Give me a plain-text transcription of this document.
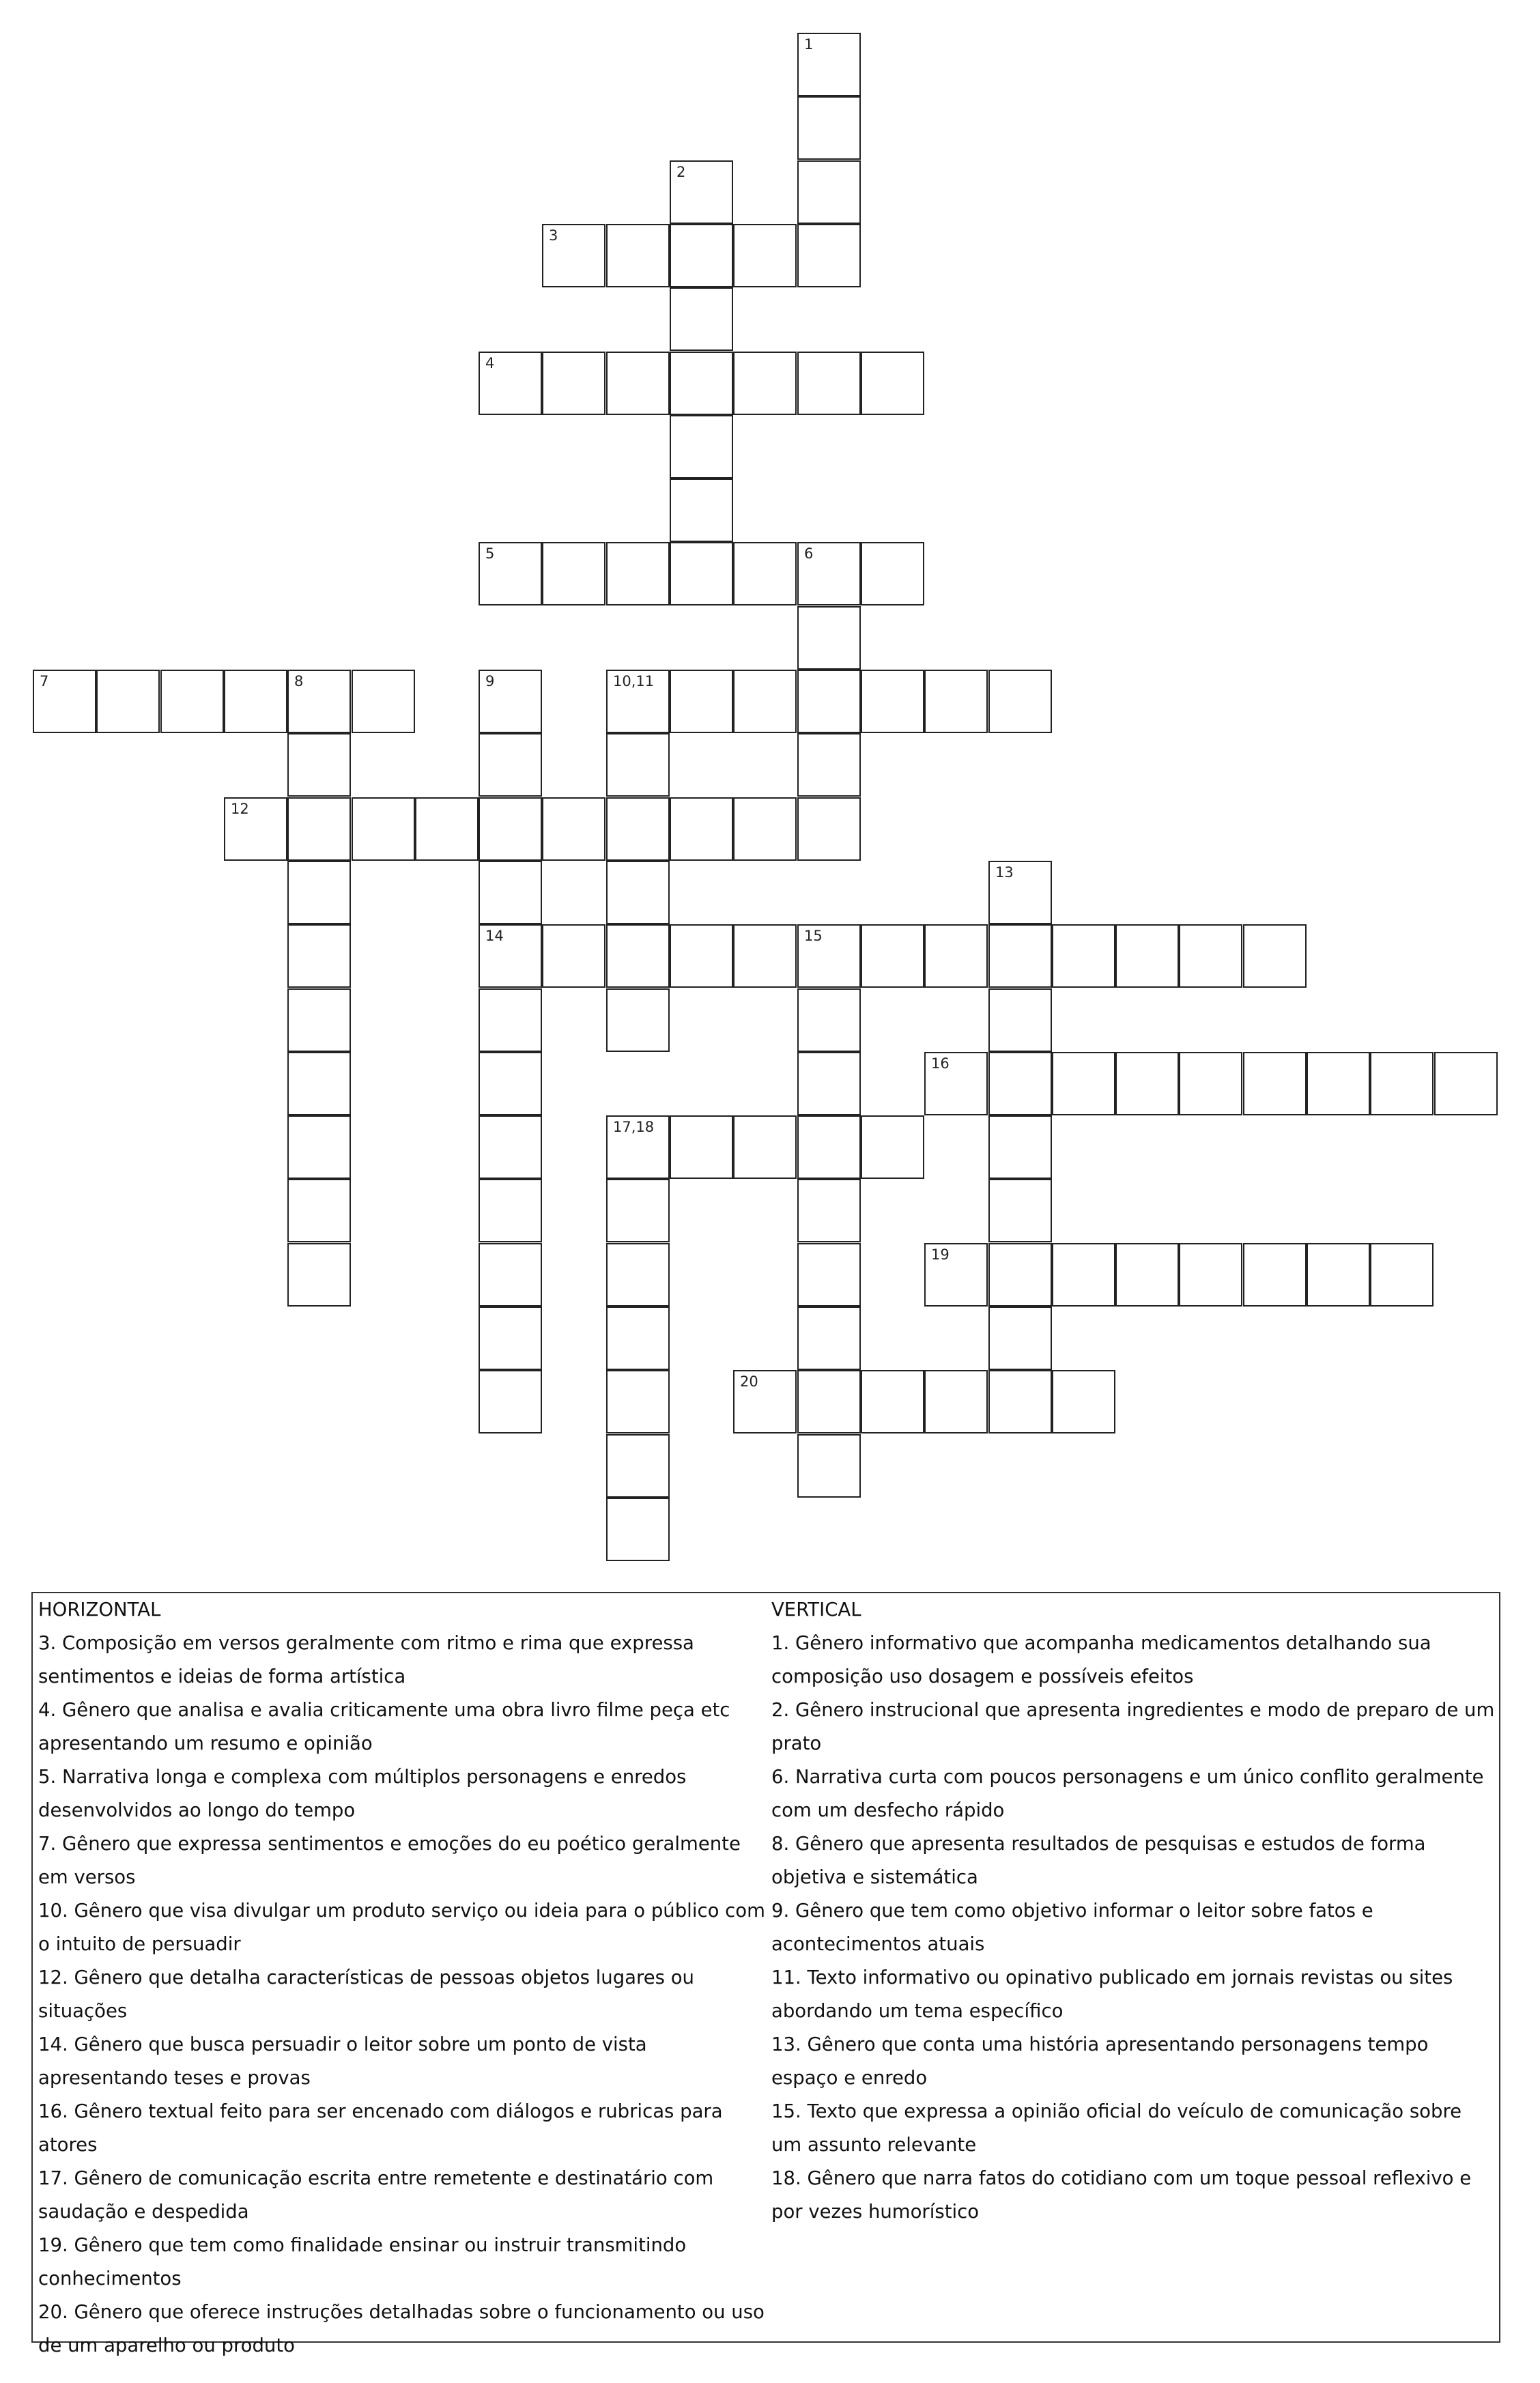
1
2
3
4
5	6
7	8	9	10,11
12
13
14	15
16
17,18
19
20
HORIZONTAL

3. Composição em versos geralmente com ritmo e rima que expressa sentimentos e ideias de forma artística

4. Gênero que analisa e avalia criticamente uma obra livro filme peça etc apresentando um resumo e opinião

5. Narrativa longa e complexa com múltiplos personagens e enredos desenvolvidos ao longo do tempo

7. Gênero que expressa sentimentos e emoções do eu poético geralmente em versos

10. Gênero que visa divulgar um produto serviço ou ideia para o público com o intuito de persuadir

12. Gênero que detalha características de pessoas objetos lugares ou situações

14. Gênero que busca persuadir o leitor sobre um ponto de vista apresentando teses e provas

16. Gênero textual feito para ser encenado com diálogos e rubricas para atores

17. Gênero de comunicação escrita entre remetente e destinatário com saudação e despedida

19. Gênero que tem como finalidade ensinar ou instruir transmitindo conhecimentos

20. Gênero que oferece instruções detalhadas sobre o funcionamento ou uso de um aparelho ou produto

VERTICAL

1. Gênero informativo que acompanha medicamentos detalhando sua composição uso dosagem e possíveis efeitos

2. Gênero instrucional que apresenta ingredientes e modo de preparo de um prato

6. Narrativa curta com poucos personagens e um único conflito geralmente com um desfecho rápido

8. Gênero que apresenta resultados de pesquisas e estudos de forma objetiva e sistemática

9. Gênero que tem como objetivo informar o leitor sobre fatos e acontecimentos atuais

11. Texto informativo ou opinativo publicado em jornais revistas ou sites abordando um tema específico

13. Gênero que conta uma história apresentando personagens tempo espaço e enredo

15. Texto que expressa a opinião oficial do veículo de comunicação sobre um assunto relevante

18. Gênero que narra fatos do cotidiano com um toque pessoal reflexivo e por vezes humorístico
